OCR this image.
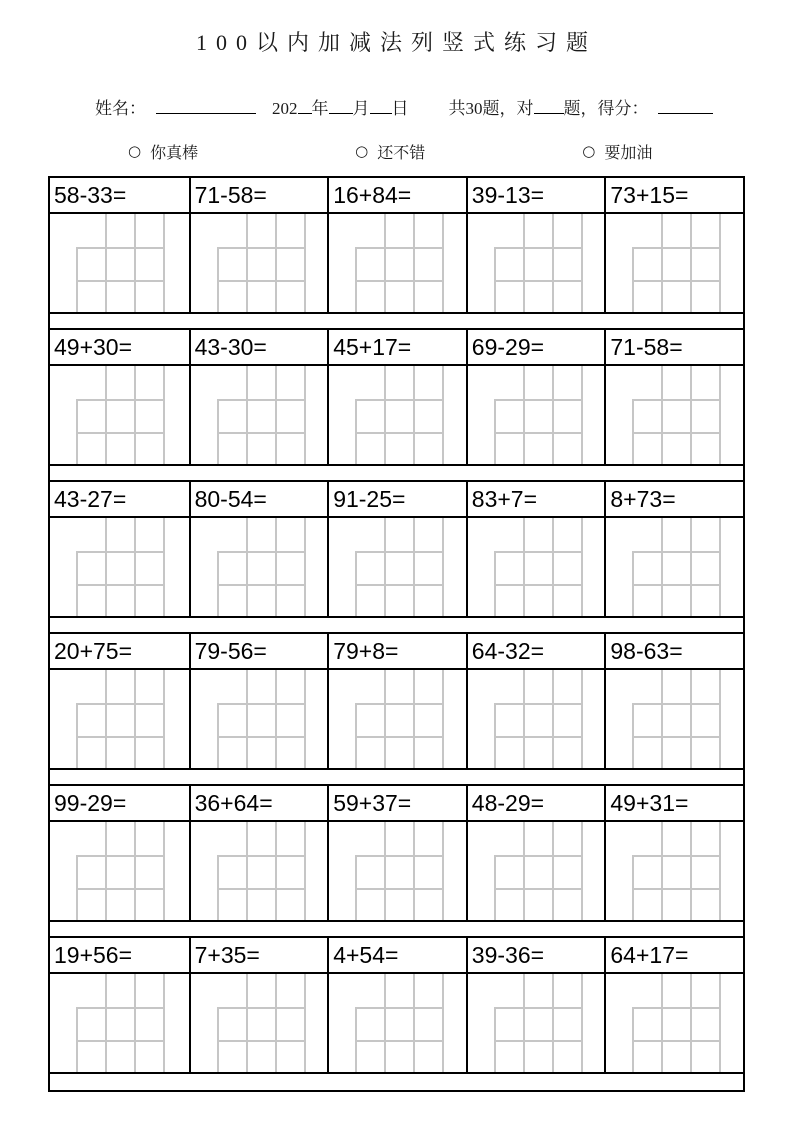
100以内加减法列竖式练习题
姓名：	202 年 月 日 共30题，对 题，得分：
○ 你真棒	○ 还不错	○ 要加油
58-33=	71-58=	16+84=	39-13=	73+15=
49+30=	43-30=	45+17=	69-29=	71-58=
43-27=	80-54=	91-25=	83+7=	8+73=
20+75=	79-56=	79+8=	64-32=	98-63=
99-29=	36+64=	59+37=	48-29=	49+31=
19+56=	7+35=	4+54=	39-36=	64+17=
